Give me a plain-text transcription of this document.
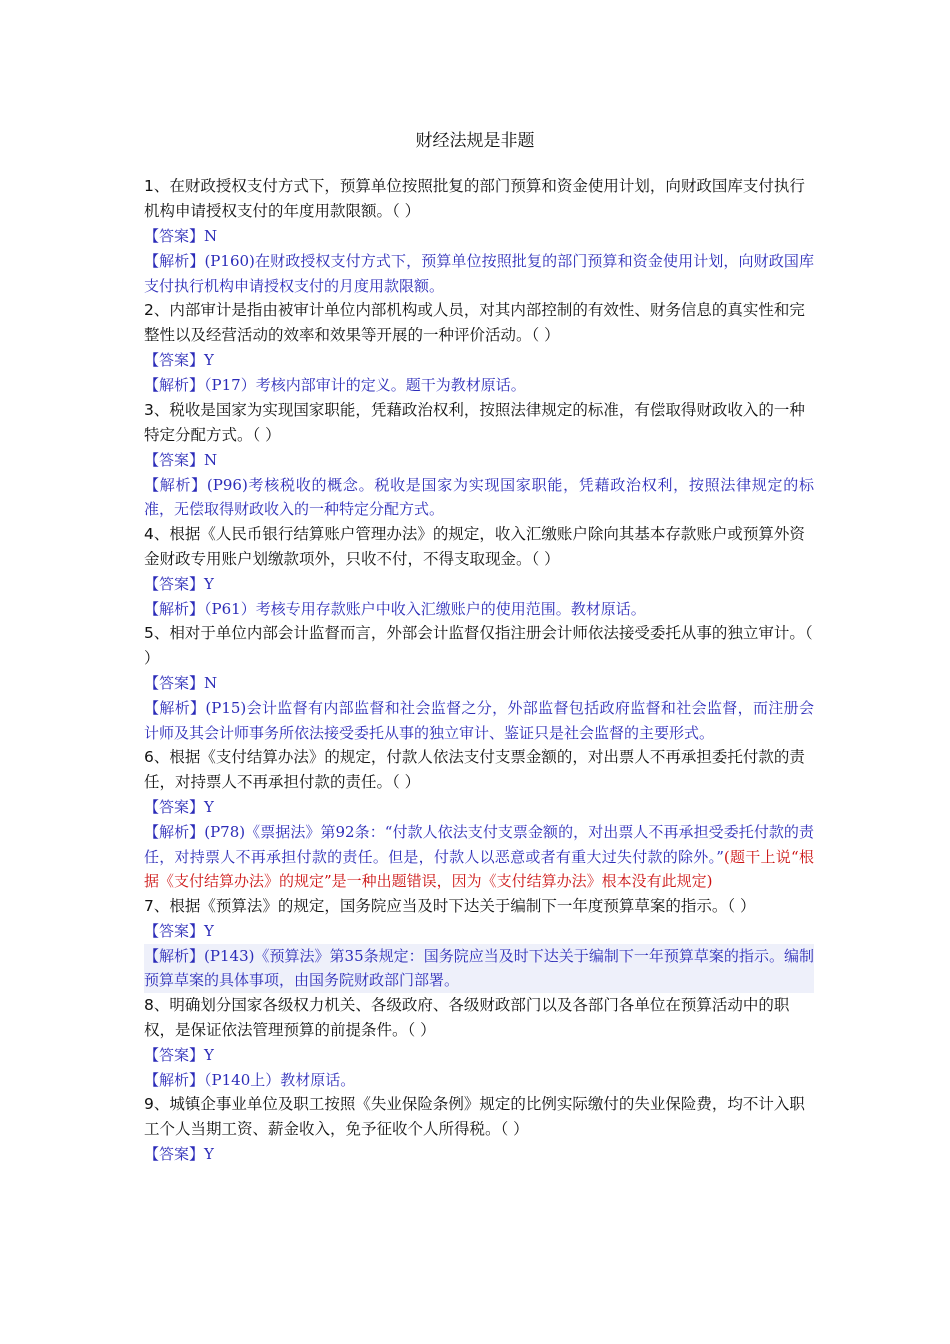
财经法规是非题

1、在财政授权支付方式下，预算单位按照批复的部门预算和资金使用计划，向财政国库支付执行机构申请授权支付的年度用款限额。（ ）

【答案】N

【解析】(P160)在财政授权支付方式下，预算单位按照批复的部门预算和资金使用计划，向财政国库支付执行机构申请授权支付的月度用款限额。

2、内部审计是指由被审计单位内部机构或人员，对其内部控制的有效性、财务信息的真实性和完整性以及经营活动的效率和效果等开展的一种评价活动。（ ）

【答案】Y

【解析】（P17）考核内部审计的定义。题干为教材原话。

3、税收是国家为实现国家职能，凭藉政治权利，按照法律规定的标准，有偿取得财政收入的一种特定分配方式。（ ）

【答案】N

【解析】(P96)考核税收的概念。税收是国家为实现国家职能，凭藉政治权利，按照法律规定的标准，无偿取得财政收入的一种特定分配方式。

4、根据《人民币银行结算账户管理办法》的规定，收入汇缴账户除向其基本存款账户或预算外资金财政专用账户划缴款项外，只收不付，不得支取现金。（ ）

【答案】Y

【解析】（P61）考核专用存款账户中收入汇缴账户的使用范围。教材原话。

5、相对于单位内部会计监督而言，外部会计监督仅指注册会计师依法接受委托从事的独立审计。（ ）

【答案】N

【解析】(P15)会计监督有内部监督和社会监督之分，外部监督包括政府监督和社会监督，而注册会计师及其会计师事务所依法接受委托从事的独立审计、鉴证只是社会监督的主要形式。

6、根据《支付结算办法》的规定，付款人依法支付支票金额的，对出票人不再承担委托付款的责任，对持票人不再承担付款的责任。（ ）

【答案】Y

【解析】(P78)《票据法》第92条：“付款人依法支付支票金额的，对出票人不再承担受委托付款的责任，对持票人不再承担付款的责任。但是，付款人以恶意或者有重大过失付款的除外。”(题干上说“根据《支付结算办法》的规定”是一种出题错误，因为《支付结算办法》根本没有此规定)

7、根据《预算法》的规定，国务院应当及时下达关于编制下一年度预算草案的指示。（ ）

【答案】Y

【解析】(P143)《预算法》第35条规定：国务院应当及时下达关于编制下一年预算草案的指示。编制预算草案的具体事项，由国务院财政部门部署。

8、明确划分国家各级权力机关、各级政府、各级财政部门以及各部门各单位在预算活动中的职权，是保证依法管理预算的前提条件。（ ）

【答案】Y

【解析】（P140上）教材原话。

9、城镇企事业单位及职工按照《失业保险条例》规定的比例实际缴付的失业保险费，均不计入职工个人当期工资、薪金收入，免予征收个人所得税。（ ）

【答案】Y
